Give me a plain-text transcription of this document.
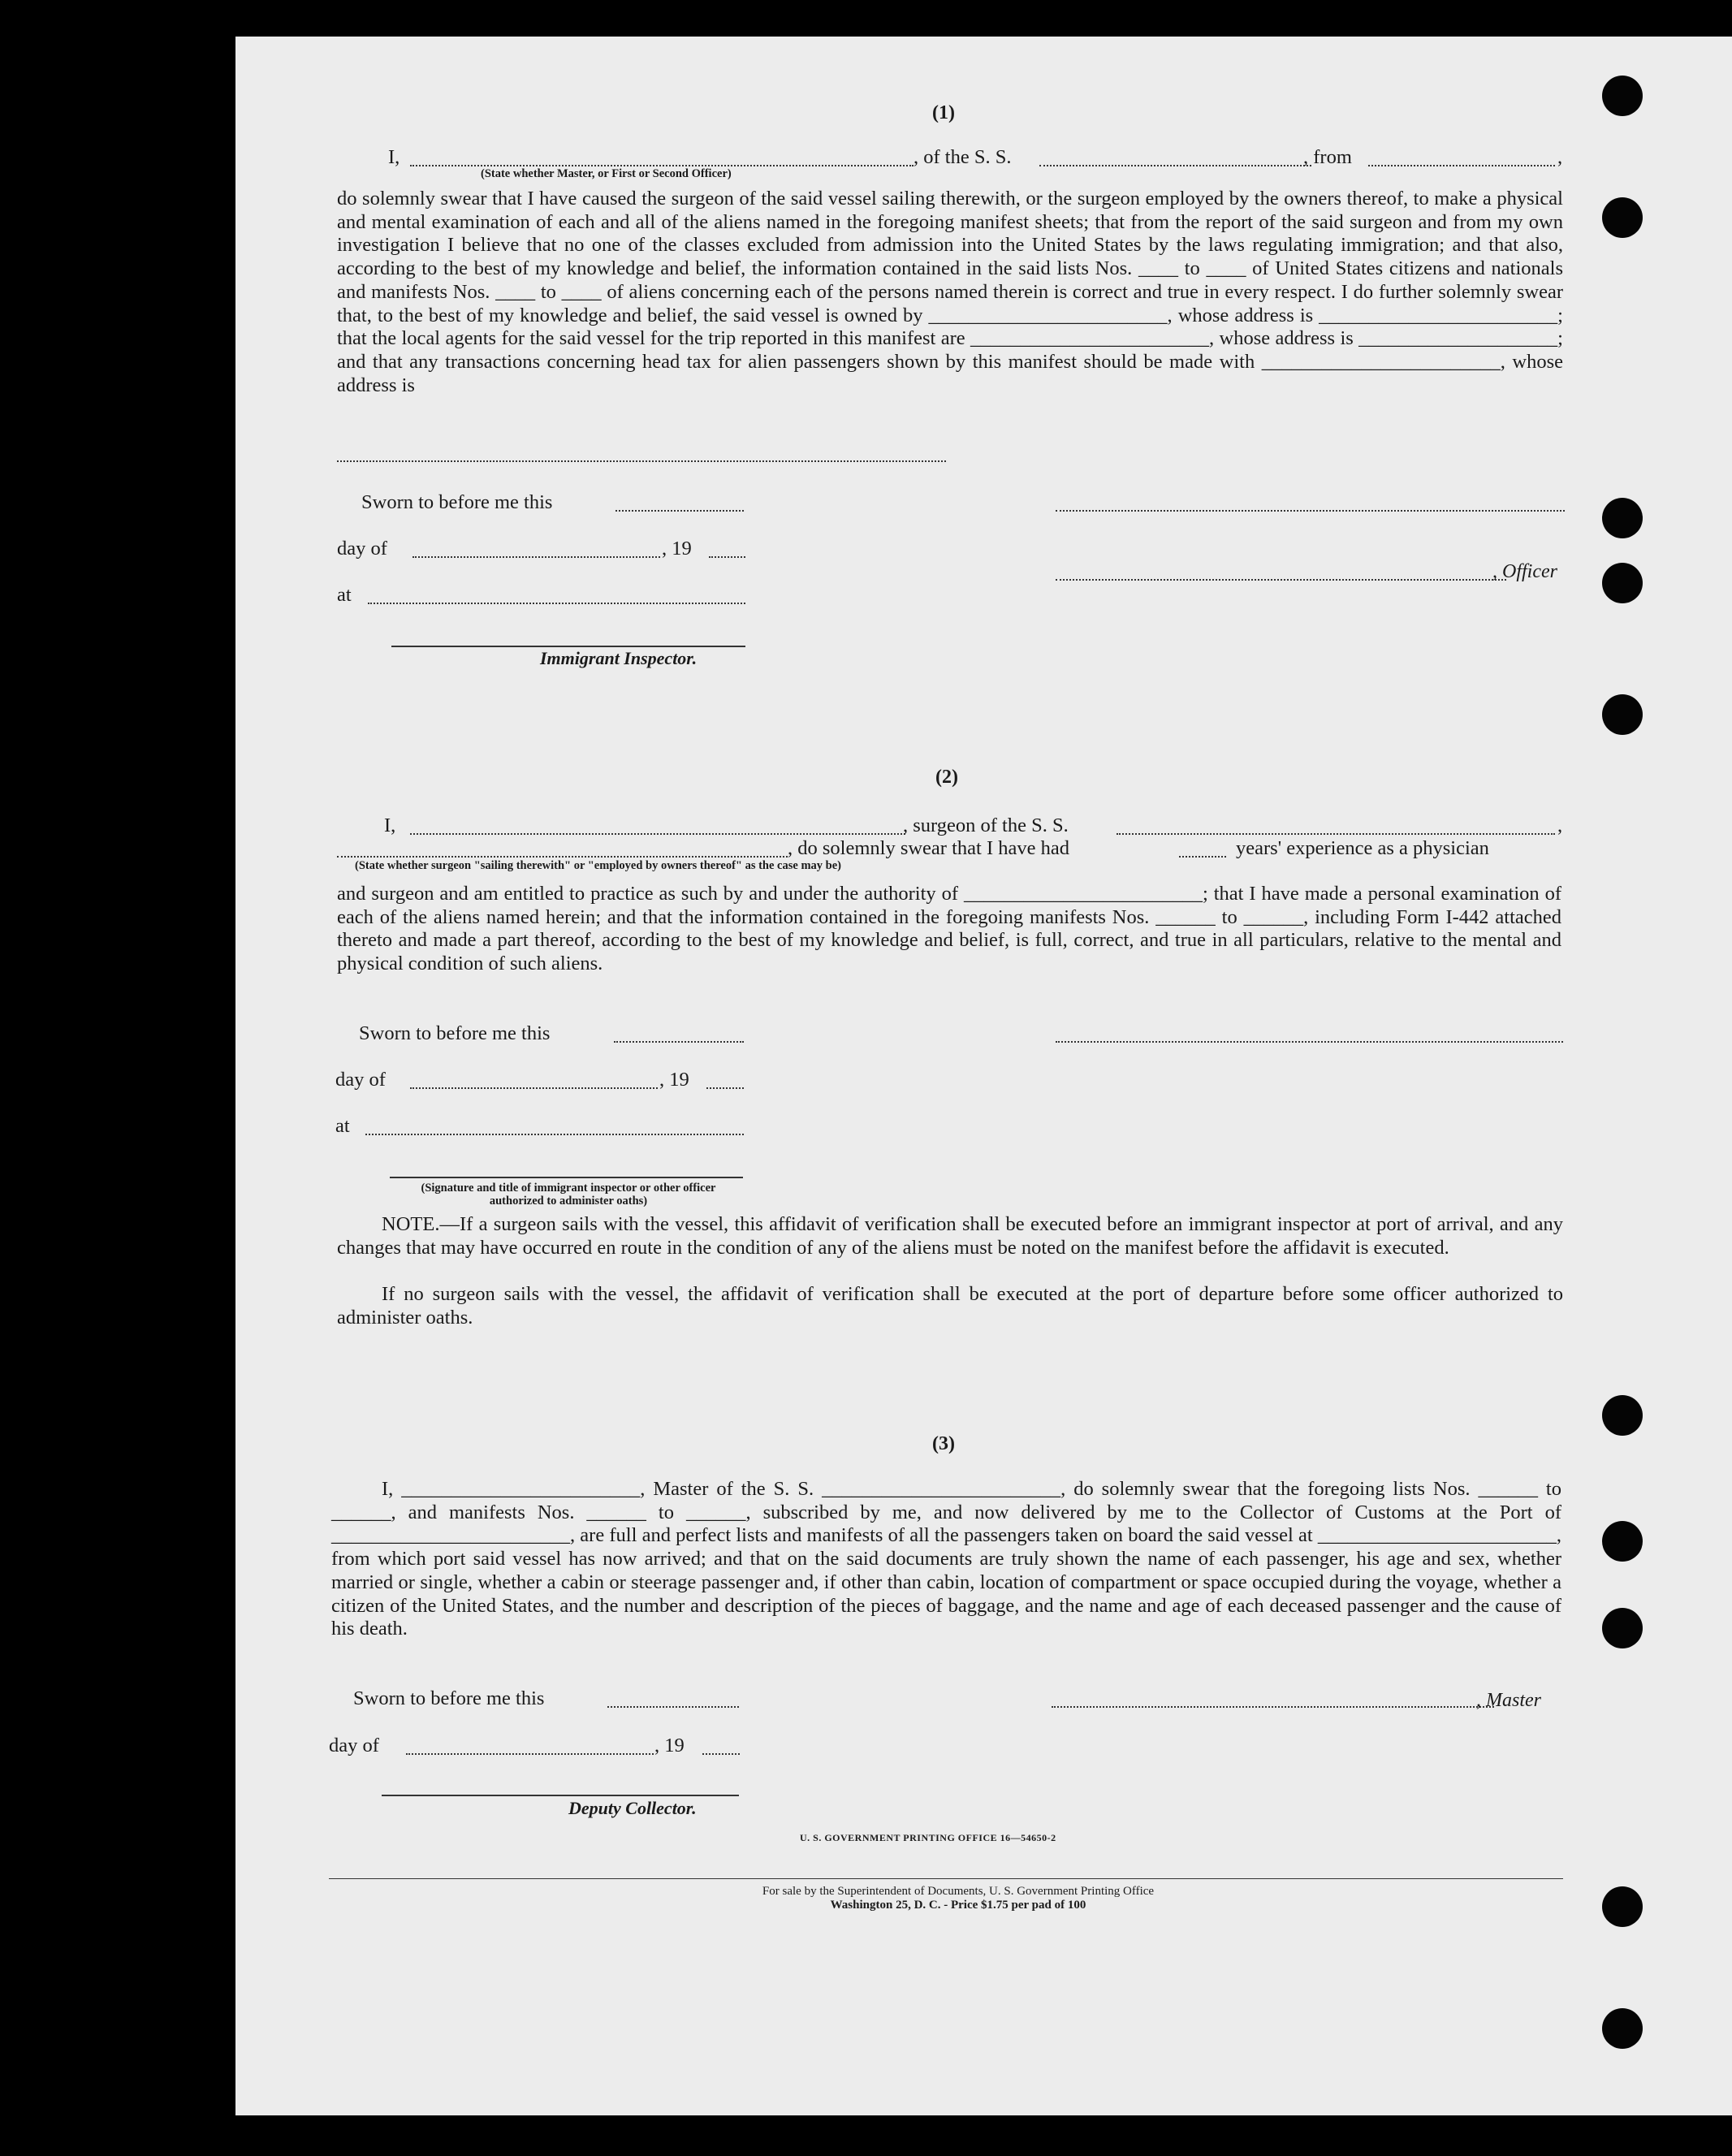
(1)
I,	, of the S. S.	, from	,
(State whether Master, or First or Second Officer)
do solemnly swear that I have caused the surgeon of the said vessel sailing therewith, or the surgeon employed by the owners thereof, to make a physical and mental examination of each and all of the aliens named in the foregoing manifest sheets; that from the report of the said surgeon and from my own investigation I believe that no one of the classes excluded from admission into the United States by the laws regulating immigration; and that also, according to the best of my knowledge and belief, the information contained in the said lists Nos. ____ to ____ of United States citizens and nationals and manifests Nos. ____ to ____ of aliens concerning each of the persons named therein is correct and true in every respect. I do further solemnly swear that, to the best of my knowledge and belief, the said vessel is owned by ________________________, whose address is ________________________; that the local agents for the said vessel for the trip reported in this manifest are ________________________, whose address is ____________________; and that any transactions concerning head tax for alien passengers shown by this manifest should be made with ________________________, whose address is
Sworn to before me this
day of	, 19
, Officer
at
Immigrant Inspector.
(2)
I,	, surgeon of the S. S.	,
, do solemnly swear that I have had	years' experience as a physician
(State whether surgeon "sailing therewith" or "employed by owners thereof" as the case may be)
and surgeon and am entitled to practice as such by and under the authority of ________________________; that I have made a personal examination of each of the aliens named herein; and that the information contained in the foregoing manifests Nos. ______ to ______, including Form I-442 attached thereto and made a part thereof, according to the best of my knowledge and belief, is full, correct, and true in all particulars, relative to the mental and physical condition of such aliens.
Sworn to before me this
day of	, 19
at
(Signature and title of immigrant inspector or other officer authorized to administer oaths)
NOTE.—If a surgeon sails with the vessel, this affidavit of verification shall be executed before an immigrant inspector at port of arrival, and any changes that may have occurred en route in the condition of any of the aliens must be noted on the manifest before the affidavit is executed.
If no surgeon sails with the vessel, the affidavit of verification shall be executed at the port of departure before some officer authorized to administer oaths.
(3)
I, ________________________, Master of the S. S. ________________________, do solemnly swear that the foregoing lists Nos. ______ to ______, and manifests Nos. ______ to ______, subscribed by me, and now delivered by me to the Collector of Customs at the Port of ________________________, are full and perfect lists and manifests of all the passengers taken on board the said vessel at ________________________, from which port said vessel has now arrived; and that on the said documents are truly shown the name of each passenger, his age and sex, whether married or single, whether a cabin or steerage passenger and, if other than cabin, location of compartment or space occupied during the voyage, whether a citizen of the United States, and the number and description of the pieces of baggage, and the name and age of each deceased passenger and the cause of his death.
Sworn to before me this	, Master
day of	, 19
Deputy Collector.
U. S. GOVERNMENT PRINTING OFFICE 16—54650-2
For sale by the Superintendent of Documents, U. S. Government Printing Office
Washington 25, D. C. - Price $1.75 per pad of 100
